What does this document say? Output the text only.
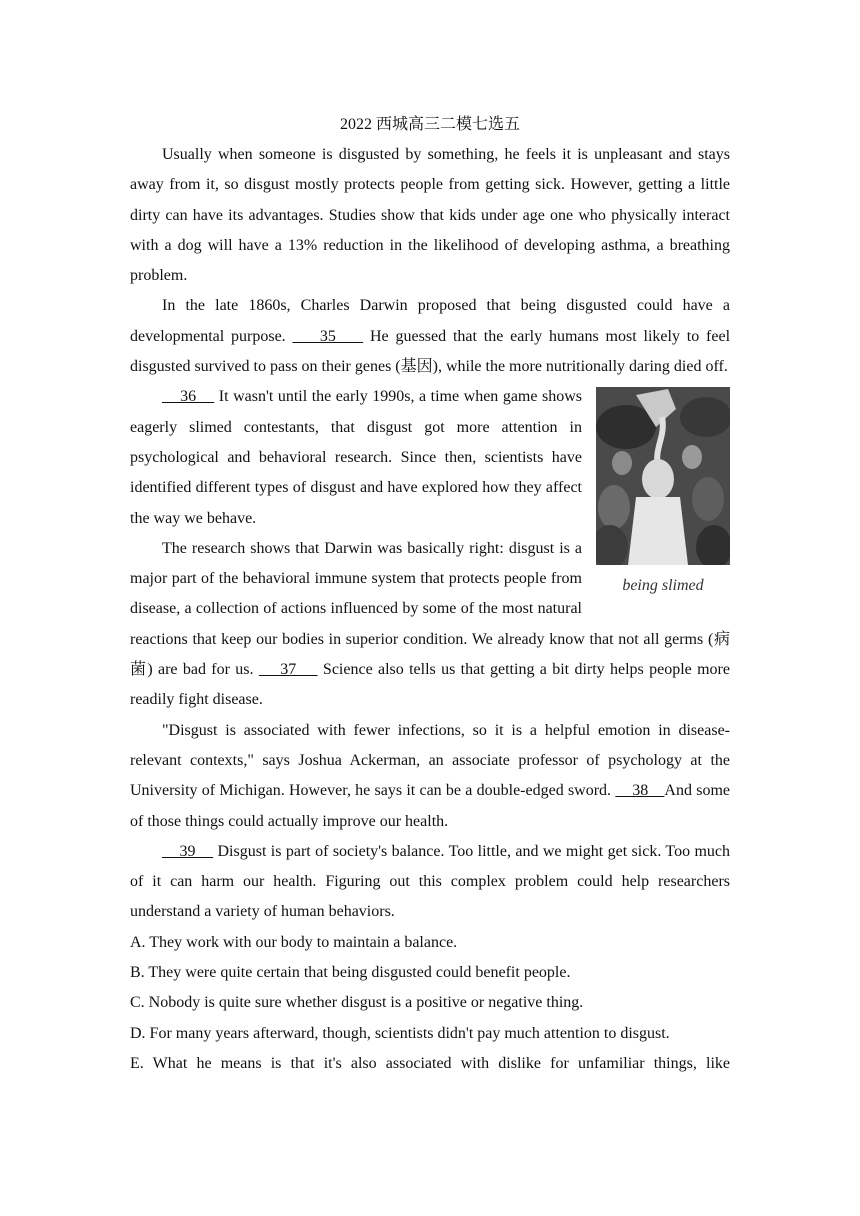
2022 西城高三二模七选五

Usually when someone is disgusted by something, he feels it is unpleasant and stays away from it, so disgust mostly protects people from getting sick. However, getting a little dirty can have its advantages. Studies show that kids under age one who physically interact with a dog will have a 13% reduction in the likelihood of developing asthma, a breathing problem.

In the late 1860s, Charles Darwin proposed that being disgusted could have a developmental purpose.     35     He guessed that the early humans most likely to feel disgusted survived to pass on their genes (基因), while the more nutritionally daring died off.

being slimed
36     It wasn't until the early 1990s, a time when game shows eagerly slimed contestants, that disgust got more attention in psychological and behavioral research. Since then, scientists have identified different types of disgust and have explored how they affect the way we behave.

The research shows that Darwin was basically right: disgust is a major part of the behavioral immune system that protects people from disease, a collection of actions influenced by some of the most natural reactions that keep our bodies in superior condition. We already know that not all germs (病菌) are bad for us.     37     Science also tells us that getting a bit dirty helps people more readily fight disease.

"Disgust is associated with fewer infections, so it is a helpful emotion in disease-relevant contexts," says Joshua Ackerman, an associate professor of psychology at the University of Michigan. However, he says it can be a double-edged sword.     38    And some of those things could actually improve our health.

39     Disgust is part of society's balance. Too little, and we might get sick. Too much of it can harm our health. Figuring out this complex problem could help researchers understand a variety of human behaviors.

A. They work with our body to maintain a balance.

B. They were quite certain that being disgusted could benefit people.

C. Nobody is quite sure whether disgust is a positive or negative thing.

D. For many years afterward, though, scientists didn't pay much attention to disgust.

E. What he means is that it's also associated with dislike for unfamiliar things, like
